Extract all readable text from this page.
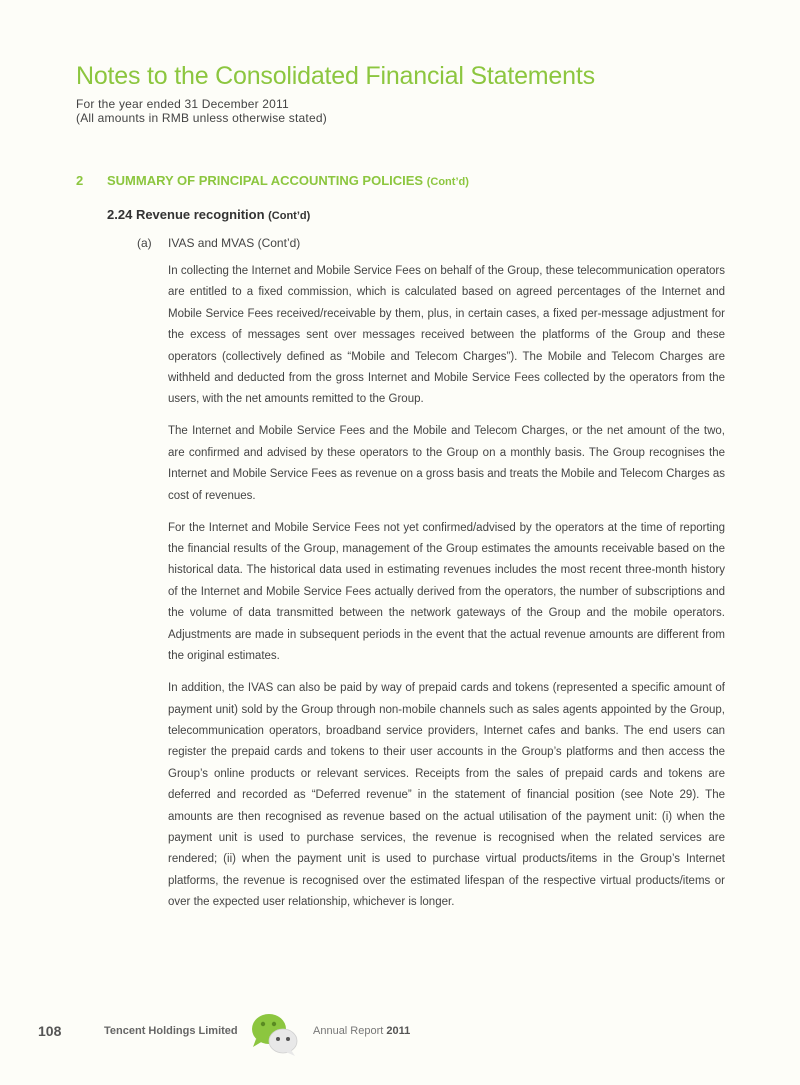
Notes to the Consolidated Financial Statements
For the year ended 31 December 2011
(All amounts in RMB unless otherwise stated)
2 SUMMARY OF PRINCIPAL ACCOUNTING POLICIES (Cont’d)
2.24 Revenue recognition (Cont’d)
(a) IVAS and MVAS (Cont’d)

In collecting the Internet and Mobile Service Fees on behalf of the Group, these telecommunication operators are entitled to a fixed commission, which is calculated based on agreed percentages of the Internet and Mobile Service Fees received/receivable by them, plus, in certain cases, a fixed per-message adjustment for the excess of messages sent over messages received between the platforms of the Group and these operators (collectively defined as “Mobile and Telecom Charges”). The Mobile and Telecom Charges are withheld and deducted from the gross Internet and Mobile Service Fees collected by the operators from the users, with the net amounts remitted to the Group.

The Internet and Mobile Service Fees and the Mobile and Telecom Charges, or the net amount of the two, are confirmed and advised by these operators to the Group on a monthly basis. The Group recognises the Internet and Mobile Service Fees as revenue on a gross basis and treats the Mobile and Telecom Charges as cost of revenues.

For the Internet and Mobile Service Fees not yet confirmed/advised by the operators at the time of reporting the financial results of the Group, management of the Group estimates the amounts receivable based on the historical data. The historical data used in estimating revenues includes the most recent three-month history of the Internet and Mobile Service Fees actually derived from the operators, the number of subscriptions and the volume of data transmitted between the network gateways of the Group and the mobile operators. Adjustments are made in subsequent periods in the event that the actual revenue amounts are different from the original estimates.

In addition, the IVAS can also be paid by way of prepaid cards and tokens (represented a specific amount of payment unit) sold by the Group through non-mobile channels such as sales agents appointed by the Group, telecommunication operators, broadband service providers, Internet cafes and banks. The end users can register the prepaid cards and tokens to their user accounts in the Group’s platforms and then access the Group’s online products or relevant services. Receipts from the sales of prepaid cards and tokens are deferred and recorded as “Deferred revenue” in the statement of financial position (see Note 29). The amounts are then recognised as revenue based on the actual utilisation of the payment unit: (i) when the payment unit is used to purchase services, the revenue is recognised when the related services are rendered; (ii) when the payment unit is used to purchase virtual products/items in the Group’s Internet platforms, the revenue is recognised over the estimated lifespan of the respective virtual products/items or over the expected user relationship, whichever is longer.

108	Tencent Holdings Limited	Annual Report 2011
